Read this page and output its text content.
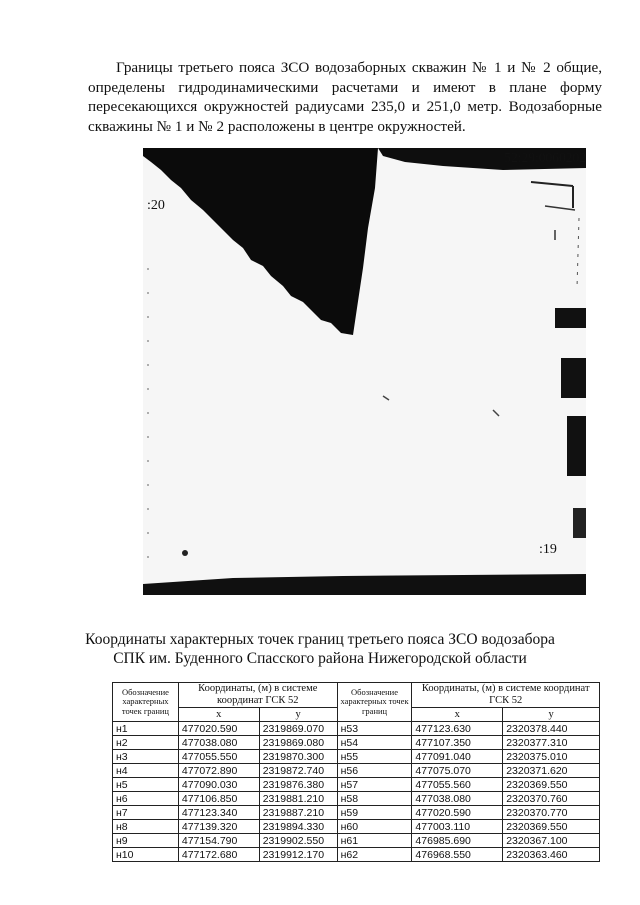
Границы третьего пояса ЗСО водозаборных скважин № 1 и № 2 общие, определены гидродинамическими расчетами и имеют в плане форму пересекающихся окружностей радиусами 235,0 и 251,0 метр. Водозаборные скважины № 1 и № 2 расположены в центре окружностей.

52:29:0060202
:20
:19
Координаты характерных точек границ третьего пояса ЗСО водозабора
СПК им. Буденного Спасского района Нижегородской области
Обозначение характерных точек границ	Координаты, (м) в системе координат ГСК 52		Обозначение характерных точек границ	Координаты, (м) в системе координат ГСК 52	
	x	y		x	y
н1	477020.590	2319869.070	н53	477123.630	2320378.440
н2	477038.080	2319869.080	н54	477107.350	2320377.310
н3	477055.550	2319870.300	н55	477091.040	2320375.010
н4	477072.890	2319872.740	н56	477075.070	2320371.620
н5	477090.030	2319876.380	н57	477055.560	2320369.550
н6	477106.850	2319881.210	н58	477038.080	2320370.760
н7	477123.340	2319887.210	н59	477020.590	2320370.770
н8	477139.320	2319894.330	н60	477003.110	2320369.550
н9	477154.790	2319902.550	н61	476985.690	2320367.100
н10	477172.680	2319912.170	н62	476968.550	2320363.460
